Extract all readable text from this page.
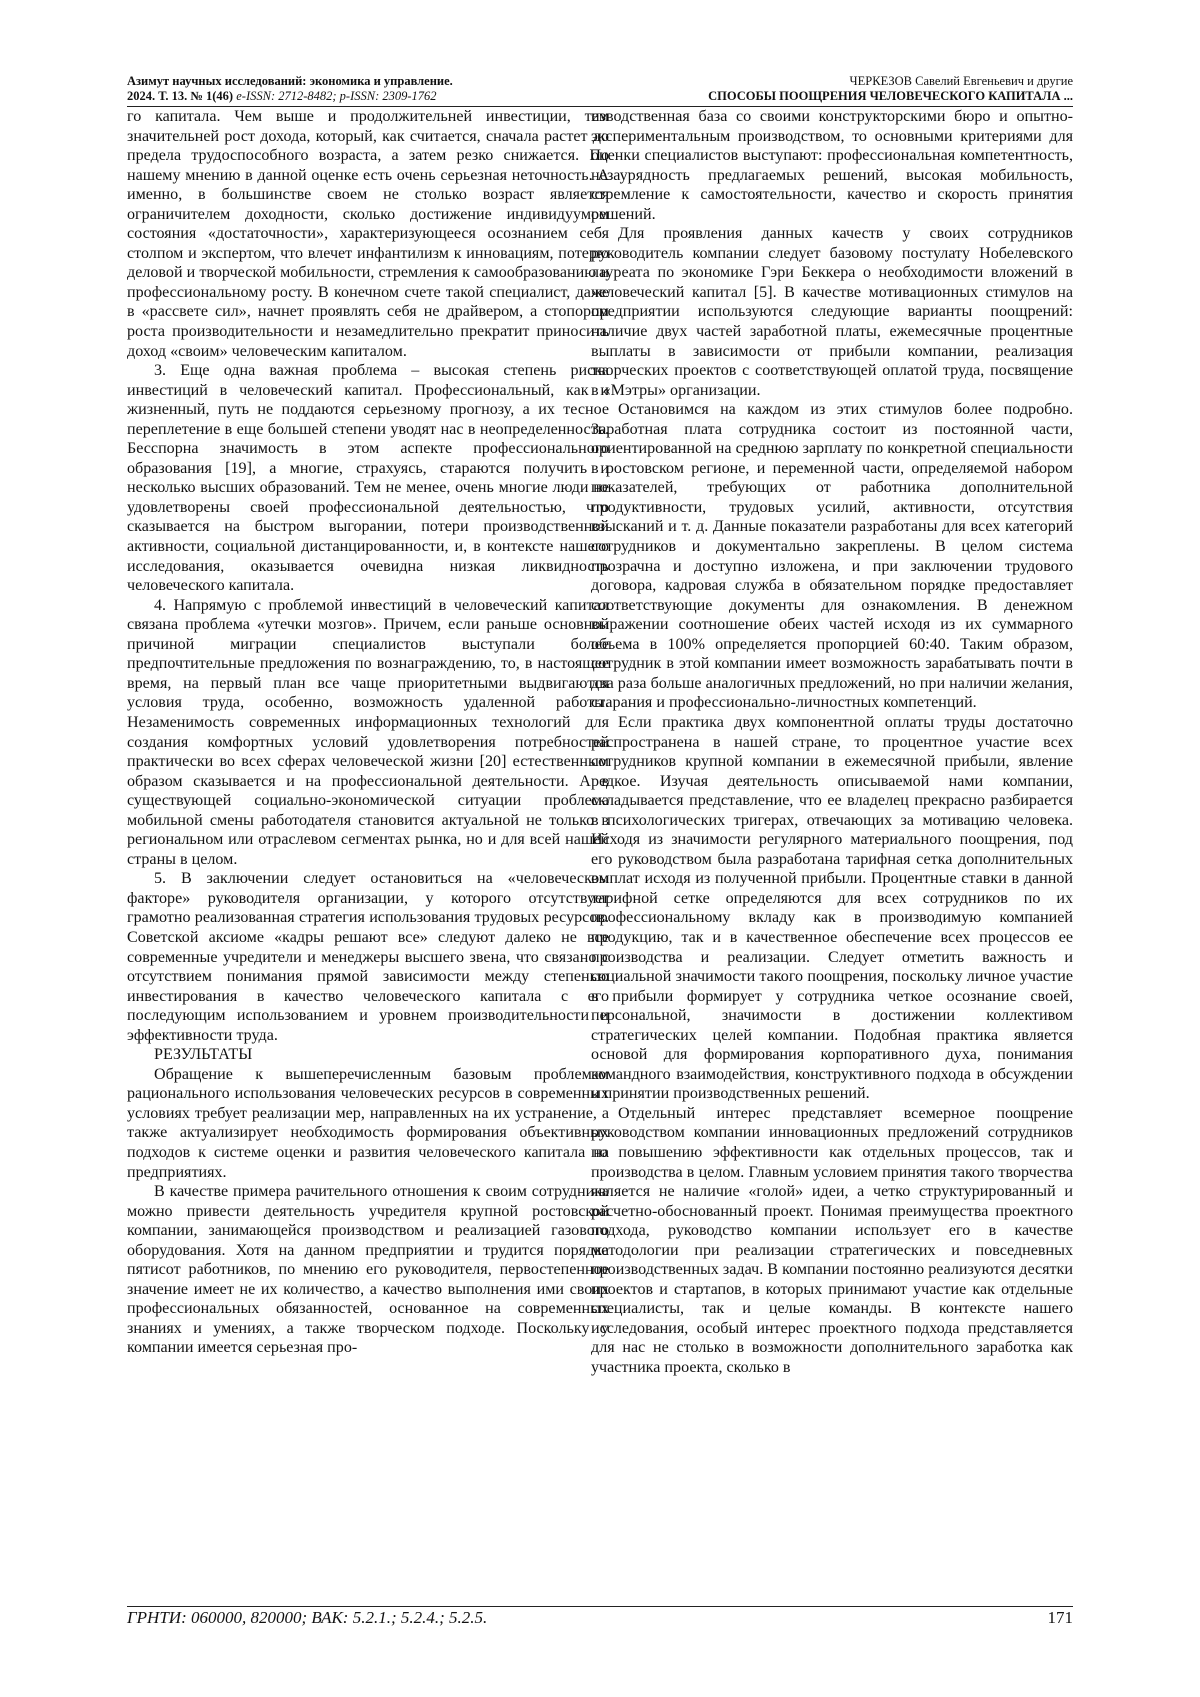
Азимут научных исследований: экономика и управление.
2024. Т. 13. № 1(46) e-ISSN: 2712-8482; p-ISSN: 2309-1762
ЧЕРКЕЗОВ Савелий Евгеньевич и другие
СПОСОБЫ ПООЩРЕНИЯ ЧЕЛОВЕЧЕСКОГО КАПИТАЛА ...

го капитала. Чем выше и продолжительней инвестиции, тем значительней рост дохода, который, как считается, сначала растет до предела трудоспособного возраста, а затем резко снижается. По нашему мнению в данной оценке есть очень серьезная неточность. А именно, в большинстве своем не столько возраст является ограничителем доходности, сколько достижение индивидуумом состояния «достаточности», характеризующееся осознанием себя столпом и экспертом, что влечет инфантилизм к инновациям, потерю деловой и творческой мобильности, стремления к самообразованию и профессиональному росту. В конечном счете такой специалист, даже в «рассвете сил», начнет проявлять себя не драйвером, а стопором роста производительности и незамедлительно прекратит приносить доход «своим» человеческим капиталом.

3. Еще одна важная проблема – высокая степень риска инвестиций в человеческий капитал. Профессиональный, как и жизненный, путь не поддаются серьезному прогнозу, а их тесное переплетение в еще большей степени уводят нас в неопределенность. Бесспорна значимость в этом аспекте профессионального образования [19], а многие, страхуясь, стараются получить и несколько высших образований. Тем не менее, очень многие люди не удовлетворены своей профессиональной деятельностью, что сказывается на быстром выгорании, потери производственной активности, социальной дистанцированности, и, в контексте нашего исследования, оказывается очевидна низкая ликвидность человеческого капитала.

4. Напрямую с проблемой инвестиций в человеческий капитал связана проблема «утечки мозгов». Причем, если раньше основной причиной миграции специалистов выступали более предпочтительные предложения по вознаграждению, то, в настоящее время, на первый план все чаще приоритетными выдвигаются условия труда, особенно, возможность удаленной работы. Незаменимость современных информационных технологий для создания комфортных условий удовлетворения потребностей практически во всех сферах человеческой жизни [20] естественным образом сказывается и на профессиональной деятельности. А в существующей социально-экономической ситуации проблема мобильной смены работодателя становится актуальной не только в региональном или отраслевом сегментах рынка, но и для всей нашей страны в целом.

5. В заключении следует остановиться на «человеческом факторе» руководителя организации, у которого отсутствует грамотно реализованная стратегия использования трудовых ресурсов. Советской аксиоме «кадры решают все» следуют далеко не все современные учредители и менеджеры высшего звена, что связано с отсутствием понимания прямой зависимости между степенью инвестирования в качество человеческого капитала с его последующим использованием и уровнем производительности и эффективности труда.

РЕЗУЛЬТАТЫ

Обращение к вышеперечисленным базовым проблемам рационального использования человеческих ресурсов в современных условиях требует реализации мер, направленных на их устранение, а также актуализирует необходимость формирования объективных подходов к системе оценки и развития человеческого капитала на предприятиях.

В качестве примера рачительного отношения к своим сотрудника можно привести деятельность учредителя крупной ростовской компании, занимающейся производством и реализацией газового оборудования. Хотя на данном предприятии и трудится порядка пятисот работников, по мнению его руководителя, первостепенное значение имеет не их количество, а качество выполнения ими своих профессиональных обязанностей, основанное на современных знаниях и умениях, а также творческом подходе. Поскольку у компании имеется серьезная про-

изводственная база со своими конструкторскими бюро и опытно-экспериментальным производством, то основными критериями для оценки специалистов выступают: профессиональная компетентность, незаурядность предлагаемых решений, высокая мобильность, стремление к самостоятельности, качество и скорость принятия решений.

Для проявления данных качеств у своих сотрудников руководитель компании следует базовому постулату Нобелевского лауреата по экономике Гэри Беккера о необходимости вложений в человеческий капитал [5]. В качестве мотивационных стимулов на предприятии используются следующие варианты поощрений: наличие двух частей заработной платы, ежемесячные процентные выплаты в зависимости от прибыли компании, реализация творческих проектов с соответствующей оплатой труда, посвящение в «Мэтры» организации.

Остановимся на каждом из этих стимулов более подробно. Заработная плата сотрудника состоит из постоянной части, ориентированной на среднюю зарплату по конкретной специальности в ростовском регионе, и переменной части, определяемой набором показателей, требующих от работника дополнительной продуктивности, трудовых усилий, активности, отсутствия взысканий и т. д. Данные показатели разработаны для всех категорий сотрудников и документально закреплены. В целом система прозрачна и доступно изложена, и при заключении трудового договора, кадровая служба в обязательном порядке предоставляет соответствующие документы для ознакомления. В денежном выражении соотношение обеих частей исходя из их суммарного объема в 100% определяется пропорцией 60:40. Таким образом, сотрудник в этой компании имеет возможность зарабатывать почти в два раза больше аналогичных предложений, но при наличии желания, старания и профессионально-личностных компетенций.

Если практика двух компонентной оплаты труды достаточно распространена в нашей стране, то процентное участие всех сотрудников крупной компании в ежемесячной прибыли, явление редкое. Изучая деятельность описываемой нами компании, складывается представление, что ее владелец прекрасно разбирается в психологических тригерах, отвечающих за мотивацию человека. Исходя из значимости регулярного материального поощрения, под его руководством была разработана тарифная сетка дополнительных выплат исходя из полученной прибыли. Процентные ставки в данной тарифной сетке определяются для всех сотрудников по их профессиональному вкладу как в производимую компанией продукцию, так и в качественное обеспечение всех процессов ее производства и реализации. Следует отметить важность и социальной значимости такого поощрения, поскольку личное участие в прибыли формирует у сотрудника четкое осознание своей, персональной, значимости в достижении коллективом стратегических целей компании. Подобная практика является основой для формирования корпоративного духа, понимания командного взаимодействия, конструктивного подхода в обсуждении и принятии производственных решений.

Отдельный интерес представляет всемерное поощрение руководством компании инновационных предложений сотрудников по повышению эффективности как отдельных процессов, так и производства в целом. Главным условием принятия такого творчества является не наличие «голой» идеи, а четко структурированный и расчетно-обоснованный проект. Понимая преимущества проектного подхода, руководство компании использует его в качестве методологии при реализации стратегических и повседневных производственных задач. В компании постоянно реализуются десятки проектов и стартапов, в которых принимают участие как отдельные специалисты, так и целые команды. В контексте нашего исследования, особый интерес проектного подхода представляется для нас не столько в возможности дополнительного заработка как участника проекта, сколько в

ГРНТИ: 060000, 820000; ВАК: 5.2.1.; 5.2.4.; 5.2.5.	171
